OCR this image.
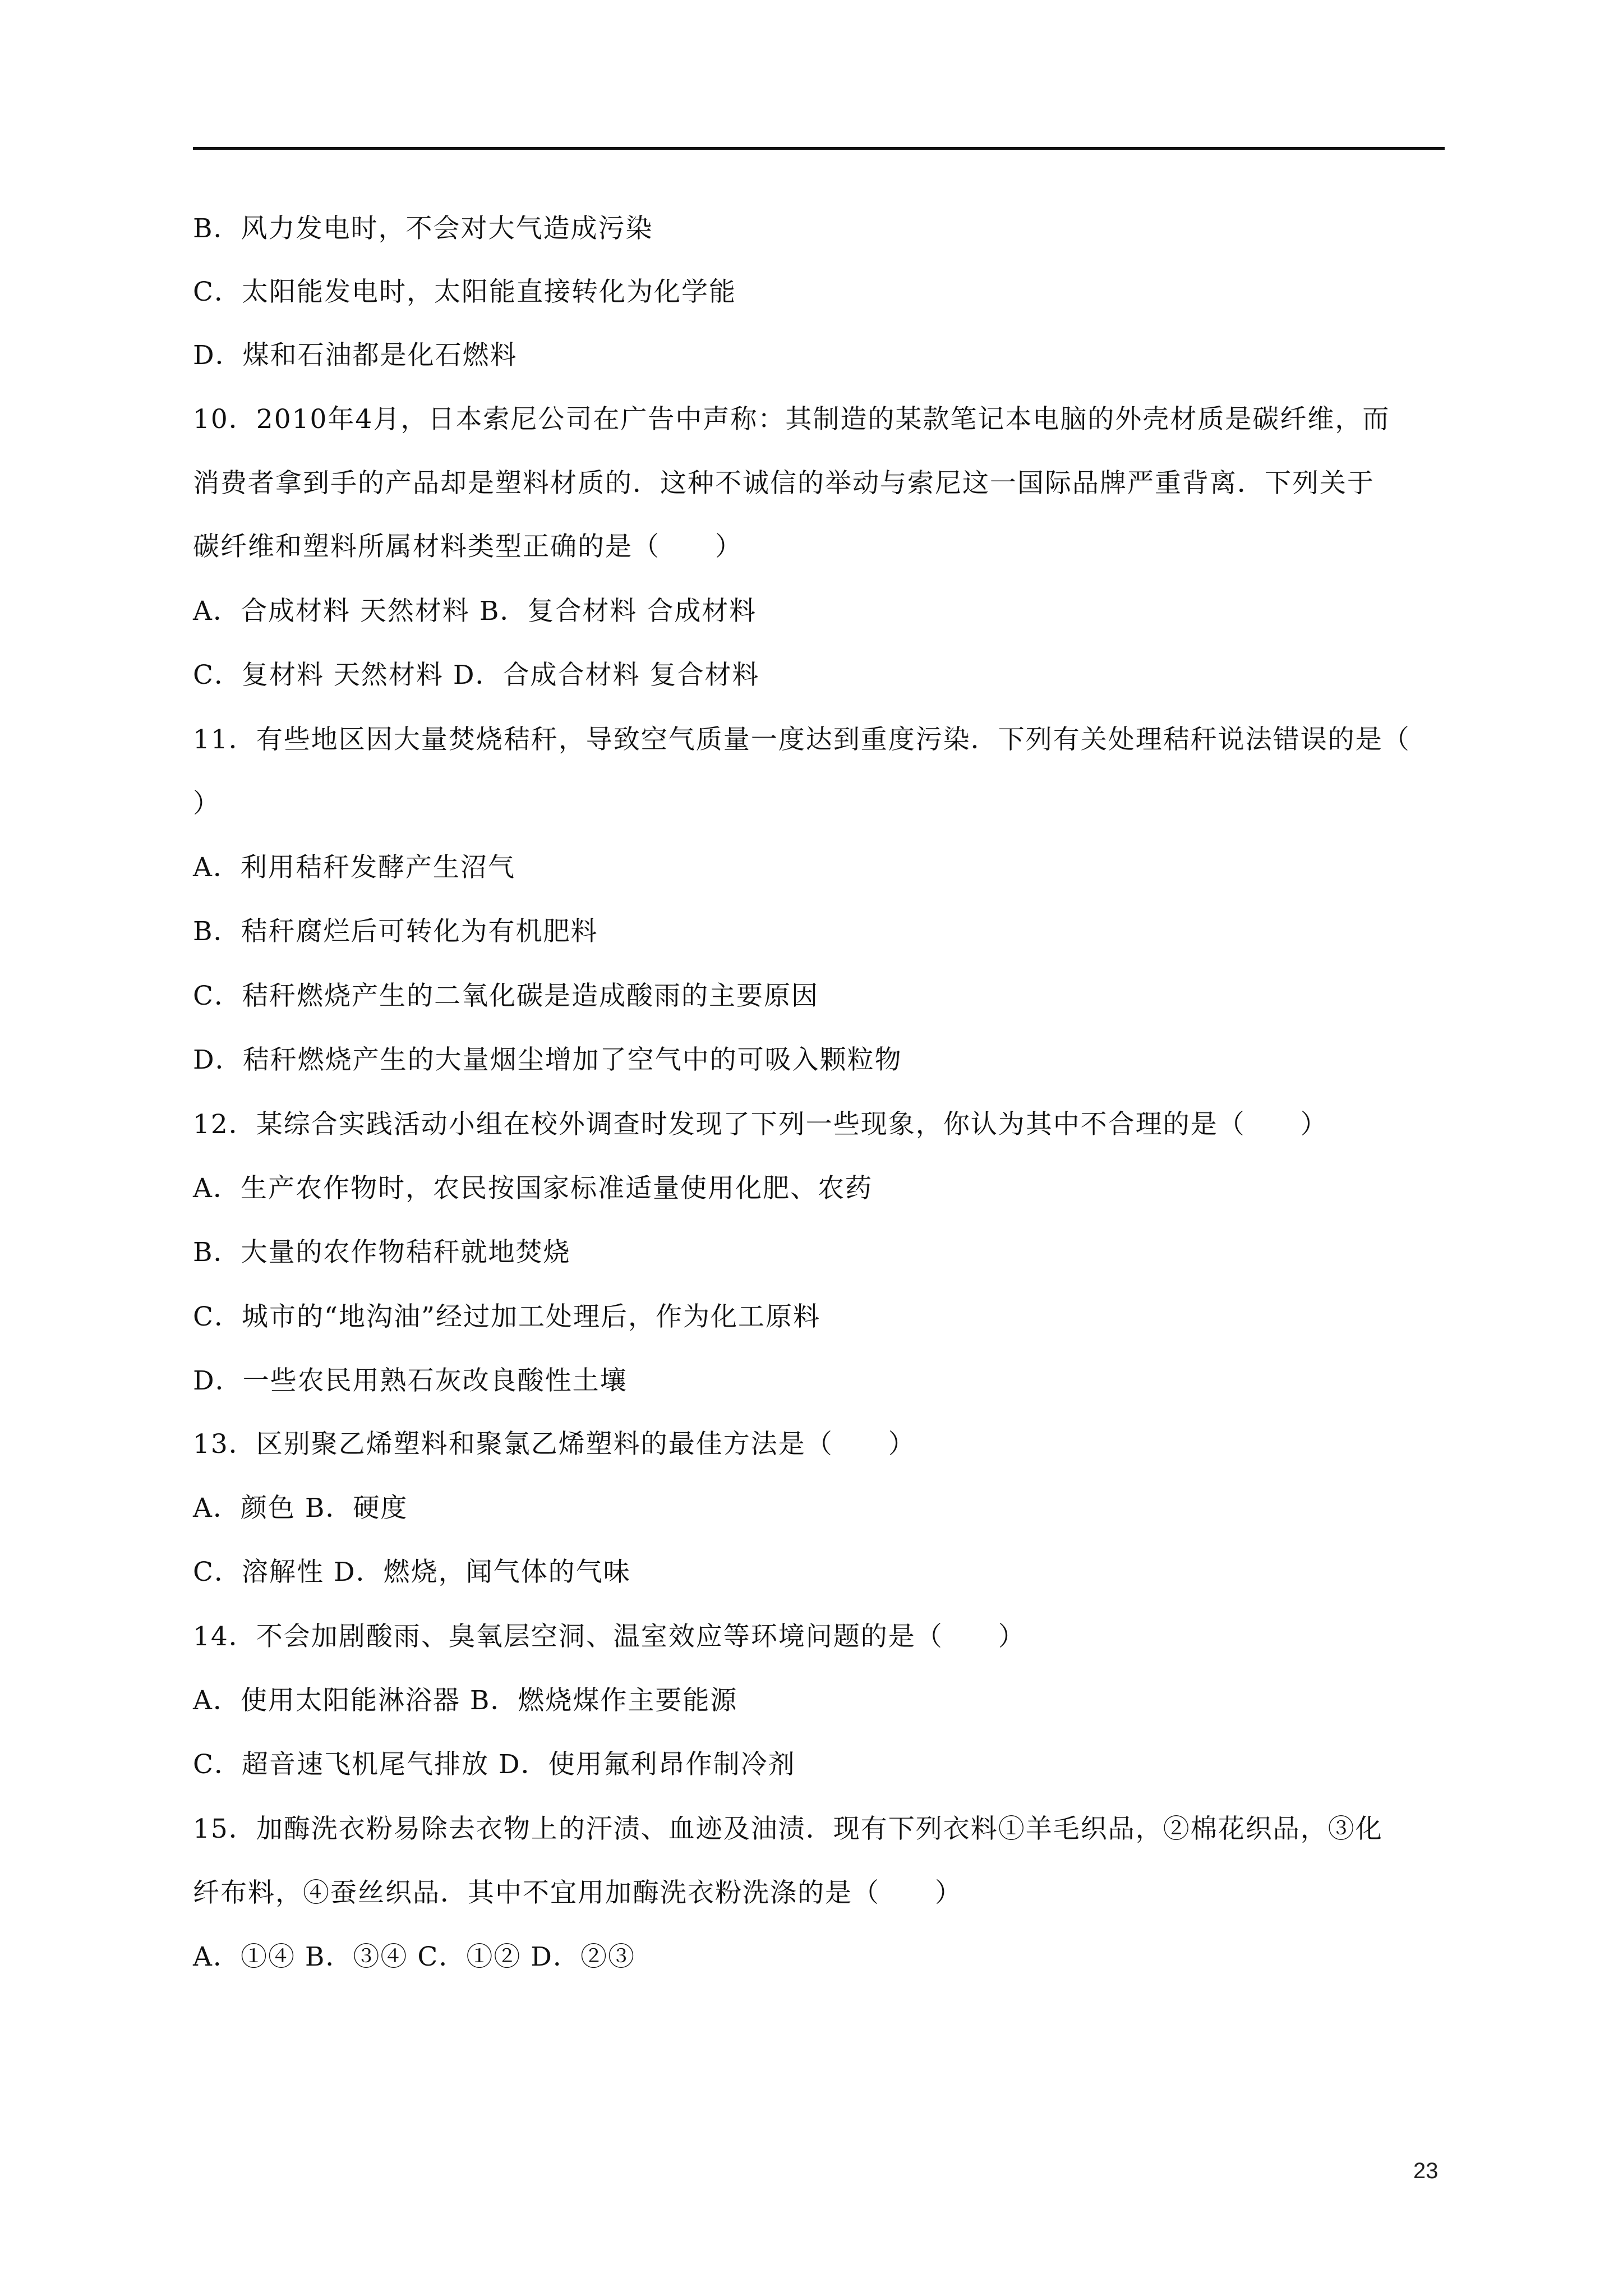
B．风力发电时，不会对大气造成污染
C．太阳能发电时，太阳能直接转化为化学能
D．煤和石油都是化石燃料
10．2010年4月，日本索尼公司在广告中声称：其制造的某款笔记本电脑的外壳材质是碳纤维，而
消费者拿到手的产品却是塑料材质的．这种不诚信的举动与索尼这一国际品牌严重背离．下列关于
碳纤维和塑料所属材料类型正确的是（　　）
A．合成材料 天然材料 B．复合材料 合成材料
C．复材料 天然材料 D．合成合材料 复合材料
11．有些地区因大量焚烧秸秆，导致空气质量一度达到重度污染．下列有关处理秸秆说法错误的是（
）
A．利用秸秆发酵产生沼气
B．秸秆腐烂后可转化为有机肥料
C．秸秆燃烧产生的二氧化碳是造成酸雨的主要原因
D．秸秆燃烧产生的大量烟尘增加了空气中的可吸入颗粒物
12．某综合实践活动小组在校外调查时发现了下列一些现象，你认为其中不合理的是（　　）
A．生产农作物时，农民按国家标准适量使用化肥、农药
B．大量的农作物秸秆就地焚烧
C．城市的“地沟油”经过加工处理后，作为化工原料
D．一些农民用熟石灰改良酸性土壤
13．区别聚乙烯塑料和聚氯乙烯塑料的最佳方法是（　　）
A．颜色 B．硬度
C．溶解性 D．燃烧，闻气体的气味
14．不会加剧酸雨、臭氧层空洞、温室效应等环境问题的是（　　）
A．使用太阳能淋浴器 B．燃烧煤作主要能源
C．超音速飞机尾气排放 D．使用氟利昂作制冷剂
15．加酶洗衣粉易除去衣物上的汗渍、血迹及油渍．现有下列衣料①羊毛织品，②棉花织品，③化
纤布料，④蚕丝织品．其中不宜用加酶洗衣粉洗涤的是（　　）
A．①④ B．③④ C．①② D．②③
23
